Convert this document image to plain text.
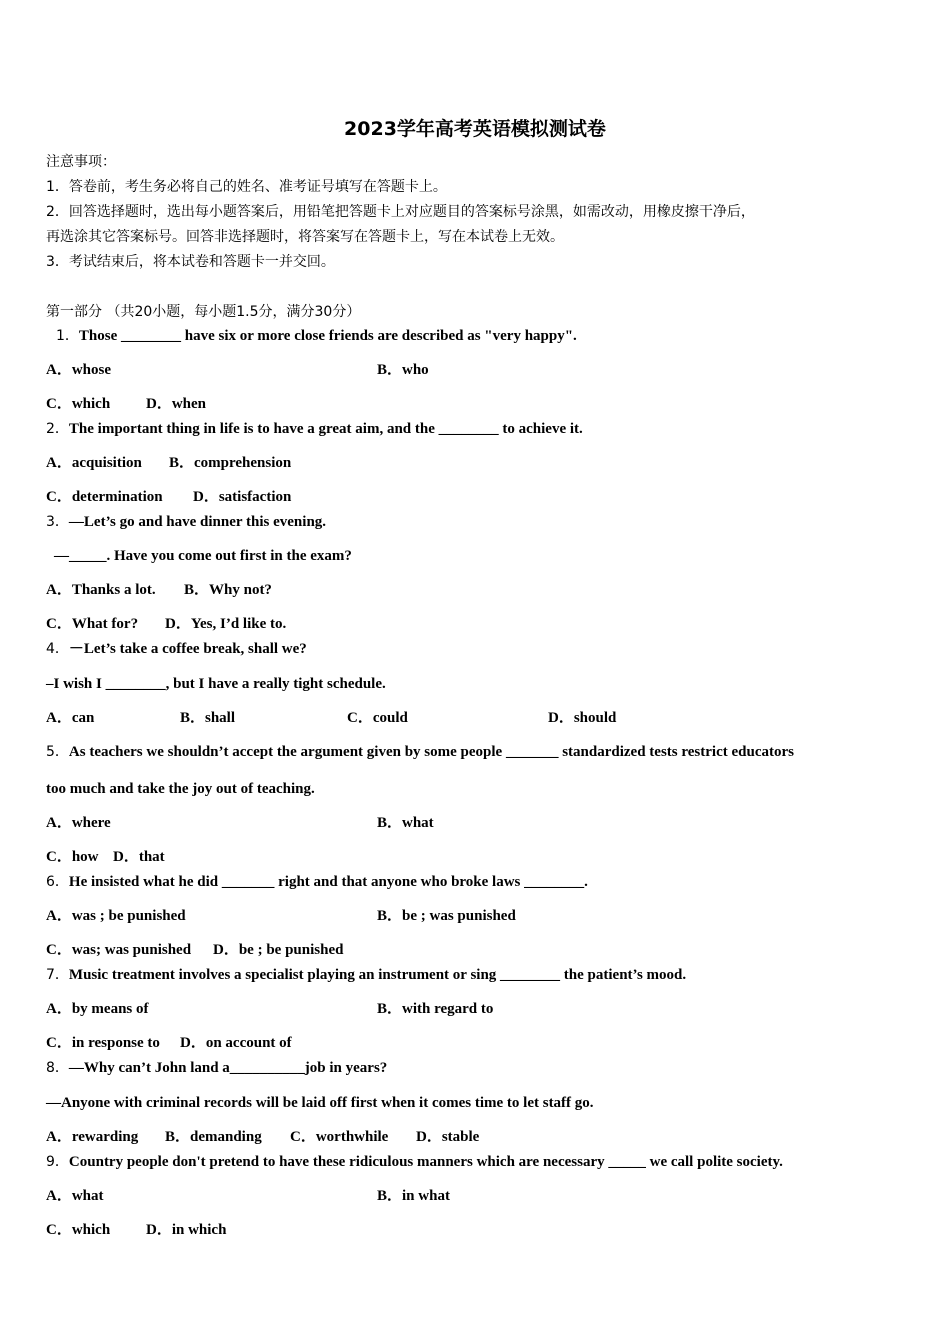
2023学年高考英语模拟测试卷
注意事项：
1．答卷前，考生务必将自己的姓名、准考证号填写在答题卡上。
2．回答选择题时，选出每小题答案后，用铅笔把答题卡上对应题目的答案标号涂黑，如需改动，用橡皮擦干净后，
再选涂其它答案标号。回答非选择题时，将答案写在答题卡上，写在本试卷上无效。
3．考试结束后，将本试卷和答题卡一并交回。
第一部分 （共20小题，每小题1.5分，满分30分）
1．Those ________ have six or more close friends are described as "very happy".
A．whose	B．who
C．which D．when
2．The important thing in life is to have a great aim, and the ________ to achieve it.
A．acquisition B．comprehension
C．determination D．satisfaction
3．—Let’s go and have dinner this evening.
—_____. Have you come out first in the exam?
A．Thanks a lot. B．Why not?
C．What for? D．Yes, I’d like to.
4．－Let’s take a coffee break, shall we?
–I wish I ________, but I have a really tight schedule.
A．can	B．shall	C．could	D．should
5．As teachers we shouldn’t accept the argument given by some people _______ standardized tests restrict educators
too much and take the joy out of teaching.
A．where	B．what
C．how D．that
6．He insisted what he did _______ right and that anyone who broke laws ________.
A．was ; be punished	B．be ; was punished
C．was; was punished D．be ; be punished
7．Music treatment involves a specialist playing an instrument or sing ________ the patient’s mood.
A．by means of	B．with regard to
C．in response to D．on account of
8．—Why can’t John land a__________job in years?
—Anyone with criminal records will be laid off first when it comes time to let staff go.
A．rewarding B．demanding C．worthwhile D．stable
9．Country people don't pretend to have these ridiculous manners which are necessary _____ we call polite society.
A．what	B．in what
C．which D．in which
